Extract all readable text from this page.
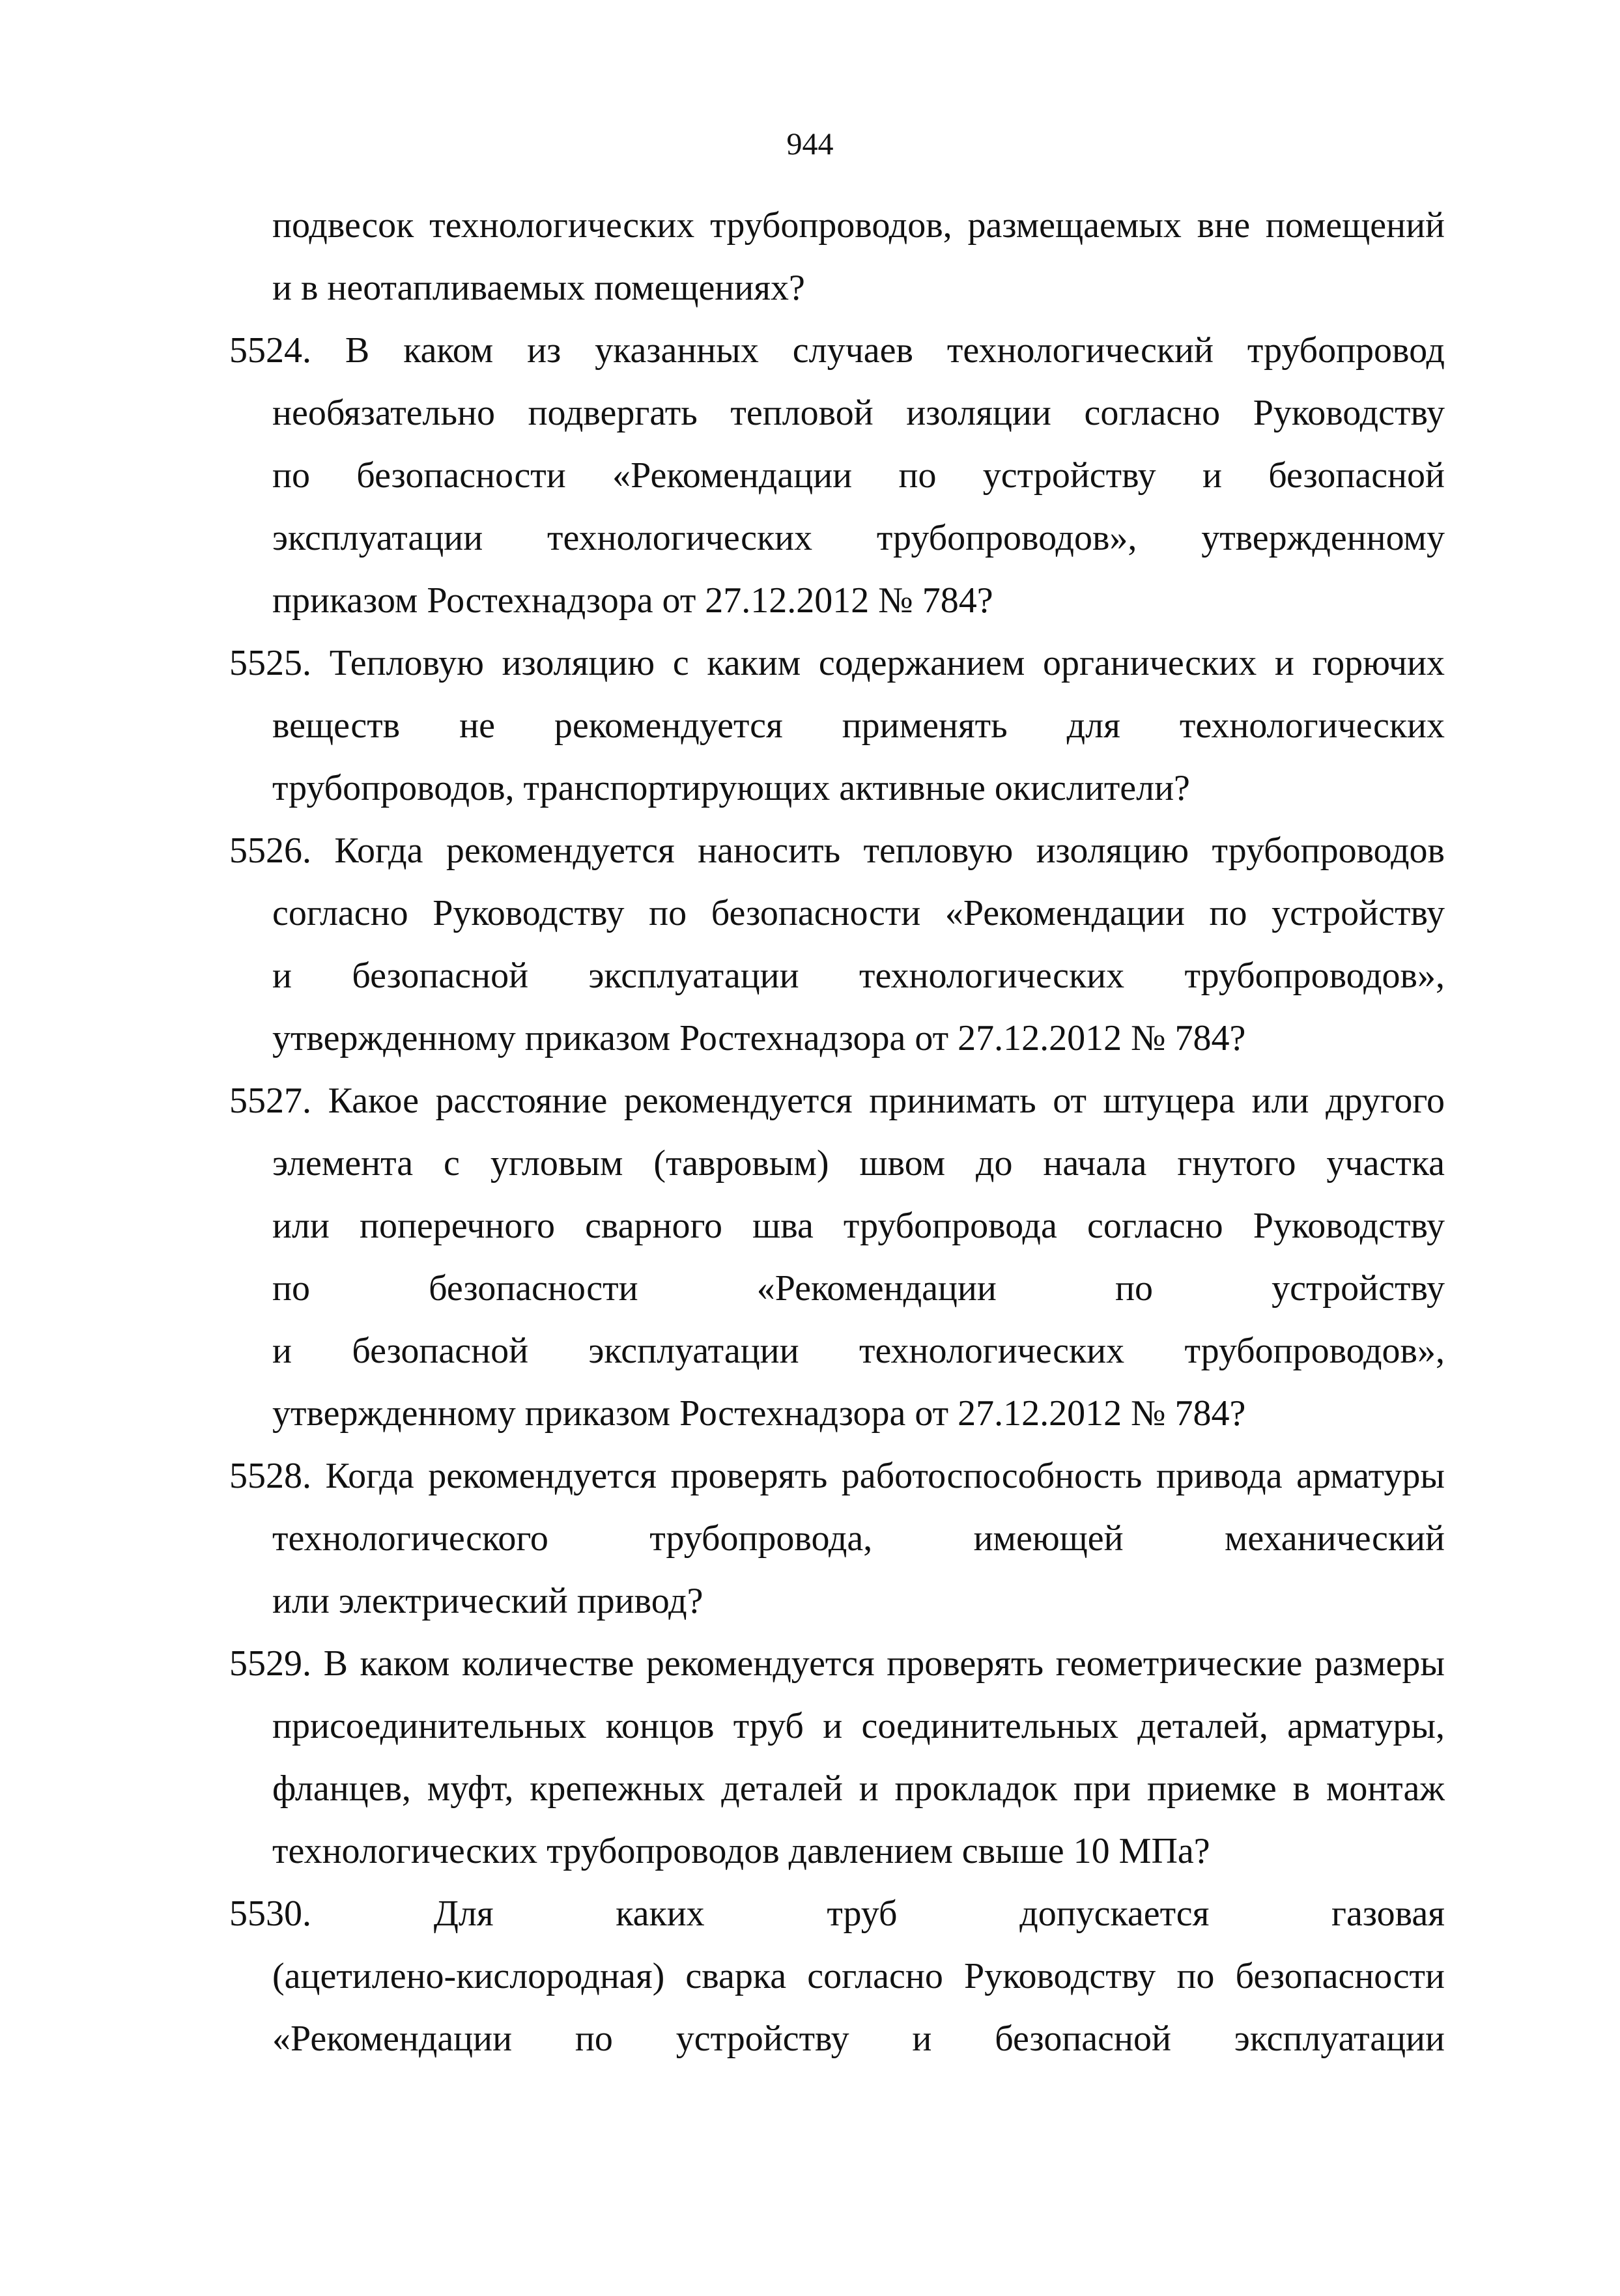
944
подвесок технологических трубопроводов, размещаемых вне помещений
и в неотапливаемых помещениях?
5524. В каком из указанных случаев технологический трубопровод
необязательно подвергать тепловой изоляции согласно Руководству
по безопасности «Рекомендации по устройству и безопасной
эксплуатации технологических трубопроводов», утвержденному
приказом Ростехнадзора от 27.12.2012 № 784?
5525. Тепловую изоляцию с каким содержанием органических и горючих
веществ не рекомендуется применять для технологических
трубопроводов, транспортирующих активные окислители?
5526. Когда рекомендуется наносить тепловую изоляцию трубопроводов
согласно Руководству по безопасности «Рекомендации по устройству
и безопасной эксплуатации технологических трубопроводов»,
утвержденному приказом Ростехнадзора от 27.12.2012 № 784?
5527. Какое расстояние рекомендуется принимать от штуцера или другого
элемента с угловым (тавровым) швом до начала гнутого участка
или поперечного сварного шва трубопровода согласно Руководству
по безопасности «Рекомендации по устройству
и безопасной эксплуатации технологических трубопроводов»,
утвержденному приказом Ростехнадзора от 27.12.2012 № 784?
5528. Когда рекомендуется проверять работоспособность привода арматуры
технологического трубопровода, имеющей механический
или электрический привод?
5529. В каком количестве рекомендуется проверять геометрические размеры
присоединительных концов труб и соединительных деталей, арматуры,
фланцев, муфт, крепежных деталей и прокладок при приемке в монтаж
технологических трубопроводов давлением свыше 10 МПа?
5530. Для каких труб допускается газовая
(ацетилено-кислородная) сварка согласно Руководству по безопасности
«Рекомендации по устройству и безопасной эксплуатации
